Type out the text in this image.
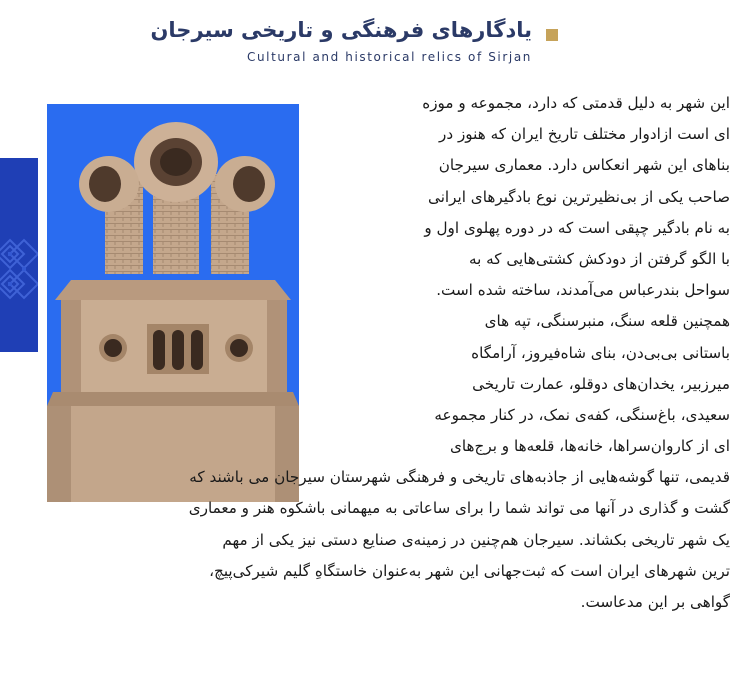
یادگارهای فرهنگی و تاریخی سیرجان
Cultural and historical relics of Sirjan
این شهر به دلیل قدمتی که دارد، مجموعه و موزه
ای است ازادوار مختلف تاریخ ایران که هنوز در
بناهای این شهر انعکاس دارد. معماری سیرجان
صاحب یکی از بی‌نظیرترین نوع بادگیرهای ایرانی
به نام بادگیر چپقی است که در دوره پهلوی اول و
با الگو گرفتن از دودکش کشتی‌هایی که به
سواحل بندرعباس می‌آمدند، ساخته شده است.
همچنین قلعه سنگ، منبرسنگی، تپه های
باستانی بی‌بی‌دن، بنای شاه‌فیروز، آرامگاه
میرزبیر، یخدان‌های دوقلو، عمارت تاریخی
سعیدی، باغ‌سنگی، کفه‌ی نمک، در کنار مجموعه
ای از کاروان‌سراها، خانه‌ها، قلعه‌ها و برج‌های
قدیمی، تنها گوشه‌هایی از جاذبه‌های تاریخی و فرهنگی شهرستان سیرجان می باشند که
گشت و گذاری در آنها می تواند شما را برای ساعاتی به میهمانی باشکوه هنر و معماری
یک شهر تاریخی بکشاند. سیرجان هم‌چنین در زمینه‌ی صنایع دستی نیز یکی از مهم
ترین شهرهای ایران است که ثبت‌جهانی این شهر به‌عنوان خاستگاهِ گلیم شیرکی‌پیچ،
گواهی بر این مدعاست.
